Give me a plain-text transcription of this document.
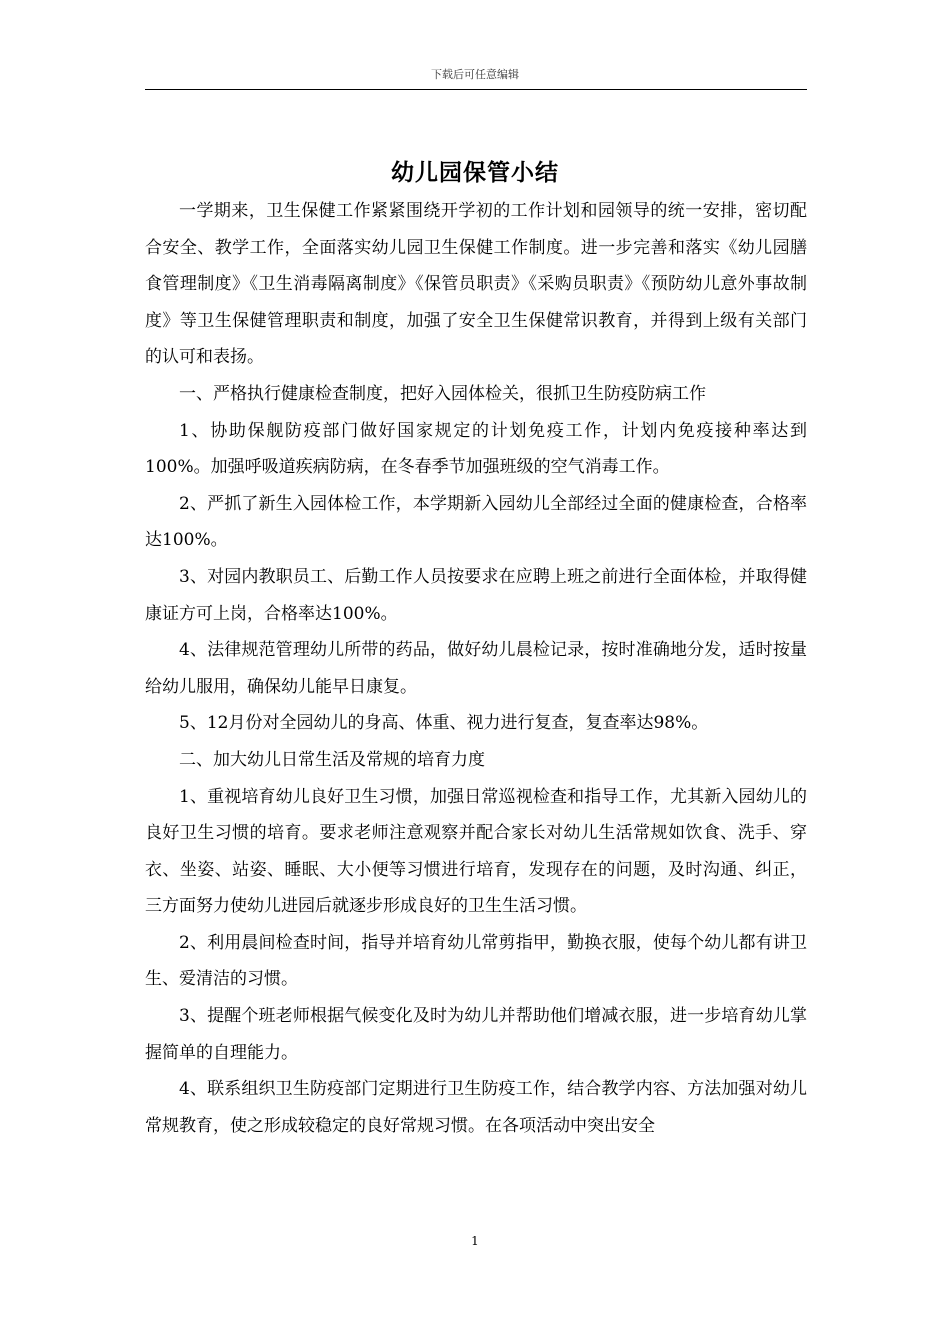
下载后可任意编辑
幼儿园保管小结

一学期来，卫生保健工作紧紧围绕开学初的工作计划和园领导的统一安排，密切配合安全、教学工作，全面落实幼儿园卫生保健工作制度。进一步完善和落实《幼儿园膳食管理制度》《卫生消毒隔离制度》《保管员职责》《采购员职责》《预防幼儿意外事故制度》等卫生保健管理职责和制度，加强了安全卫生保健常识教育，并得到上级有关部门的认可和表扬。

一、严格执行健康检查制度，把好入园体检关，很抓卫生防疫防病工作

1、协助保舰防疫部门做好国家规定的计划免疫工作，计划内免疫接种率达到100%。加强呼吸道疾病防病，在冬春季节加强班级的空气消毒工作。

2、严抓了新生入园体检工作，本学期新入园幼儿全部经过全面的健康检查，合格率达100%。

3、对园内教职员工、后勤工作人员按要求在应聘上班之前进行全面体检，并取得健康证方可上岗，合格率达100%。

4、法律规范管理幼儿所带的药品，做好幼儿晨检记录，按时准确地分发，适时按量给幼儿服用，确保幼儿能早日康复。

5、12月份对全园幼儿的身高、体重、视力进行复查，复查率达98%。

二、加大幼儿日常生活及常规的培育力度

1、重视培育幼儿良好卫生习惯，加强日常巡视检查和指导工作，尤其新入园幼儿的良好卫生习惯的培育。要求老师注意观察并配合家长对幼儿生活常规如饮食、洗手、穿衣、坐姿、站姿、睡眠、大小便等习惯进行培育，发现存在的问题，及时沟通、纠正，三方面努力使幼儿进园后就逐步形成良好的卫生生活习惯。

2、利用晨间检查时间，指导并培育幼儿常剪指甲，勤换衣服，使每个幼儿都有讲卫生、爱清洁的习惯。

3、提醒个班老师根据气候变化及时为幼儿并帮助他们增减衣服，进一步培育幼儿掌握简单的自理能力。

4、联系组织卫生防疫部门定期进行卫生防疫工作，结合教学内容、方法加强对幼儿常规教育，使之形成较稳定的良好常规习惯。在各项活动中突出安全

1
